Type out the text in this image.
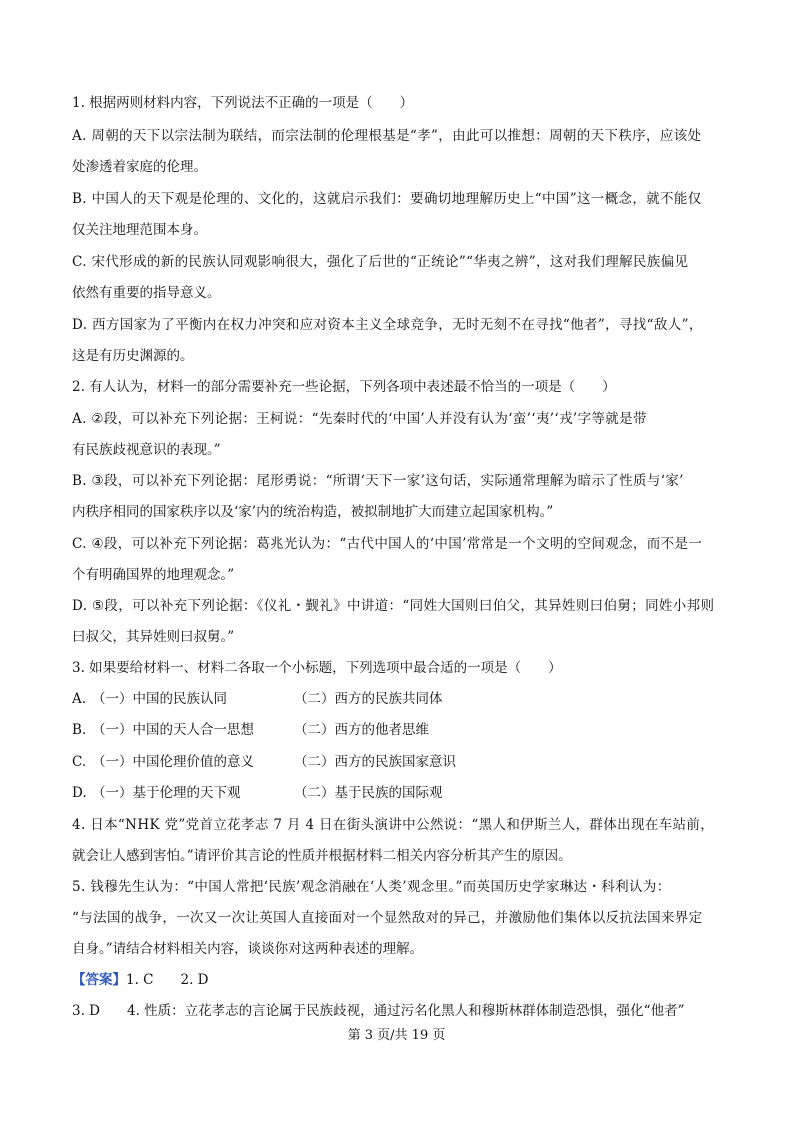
1. 根据两则材料内容，下列说法不正确的一项是（　　）
A. 周朝的天下以宗法制为联结，而宗法制的伦理根基是“孝”，由此可以推想：周朝的天下秩序，应该处
处渗透着家庭的伦理。
B. 中国人的天下观是伦理的、文化的，这就启示我们：要确切地理解历史上“中国”这一概念，就不能仅
仅关注地理范围本身。
C. 宋代形成的新的民族认同观影响很大，强化了后世的“正统论”“华夷之辨”，这对我们理解民族偏见
依然有重要的指导意义。
D. 西方国家为了平衡内在权力冲突和应对资本主义全球竞争，无时无刻不在寻找“他者”，寻找“敌人”，
这是有历史渊源的。
2. 有人认为，材料一的部分需要补充一些论据，下列各项中表述最不恰当的一项是（　　）
A. ②段，可以补充下列论据：王柯说：“先秦时代的‘中国’人并没有认为‘蛮’‘夷’‘戎’字等就是带
有民族歧视意识的表现。”
B. ③段，可以补充下列论据：尾形勇说：“所谓‘天下一家’这句话，实际通常理解为暗示了性质与‘家’
内秩序相同的国家秩序以及‘家’内的统治构造，被拟制地扩大而建立起国家机构。”
C. ④段，可以补充下列论据：葛兆光认为：“古代中国人的‘中国’常常是一个文明的空间观念，而不是一
个有明确国界的地理观念。”
D. ⑤段，可以补充下列论据：《仪礼・觐礼》中讲道：“同姓大国则曰伯父，其异姓则曰伯舅；同姓小邦则
曰叔父，其异姓则曰叔舅。”
3. 如果要给材料一、材料二各取一个小标题，下列选项中最合适的一项是（　　）
A. （一）中国的民族认同	（二）西方的民族共同体
B. （一）中国的天人合一思想	（二）西方的他者思维
C. （一）中国伦理价值的意义	（二）西方的民族国家意识
D. （一）基于伦理的天下观	（二）基于民族的国际观
4. 日本“NHK 党”党首立花孝志 7 月 4 日在街头演讲中公然说：“黑人和伊斯兰人，群体出现在车站前，
就会让人感到害怕。”请评价其言论的性质并根据材料二相关内容分析其产生的原因。
5. 钱穆先生认为：“中国人常把‘民族’观念消融在‘人类’观念里。”而英国历史学家琳达・科利认为：
“与法国的战争，一次又一次让英国人直接面对一个显然敌对的异己，并激励他们集体以反抗法国来界定
自身。”请结合材料相关内容，谈谈你对这两种表述的理解。
【答案】1. C　　2. D
3. D　　4. 性质：立花孝志的言论属于民族歧视，通过污名化黑人和穆斯林群体制造恐惧，强化“他者”
第 3 页/共 19 页
